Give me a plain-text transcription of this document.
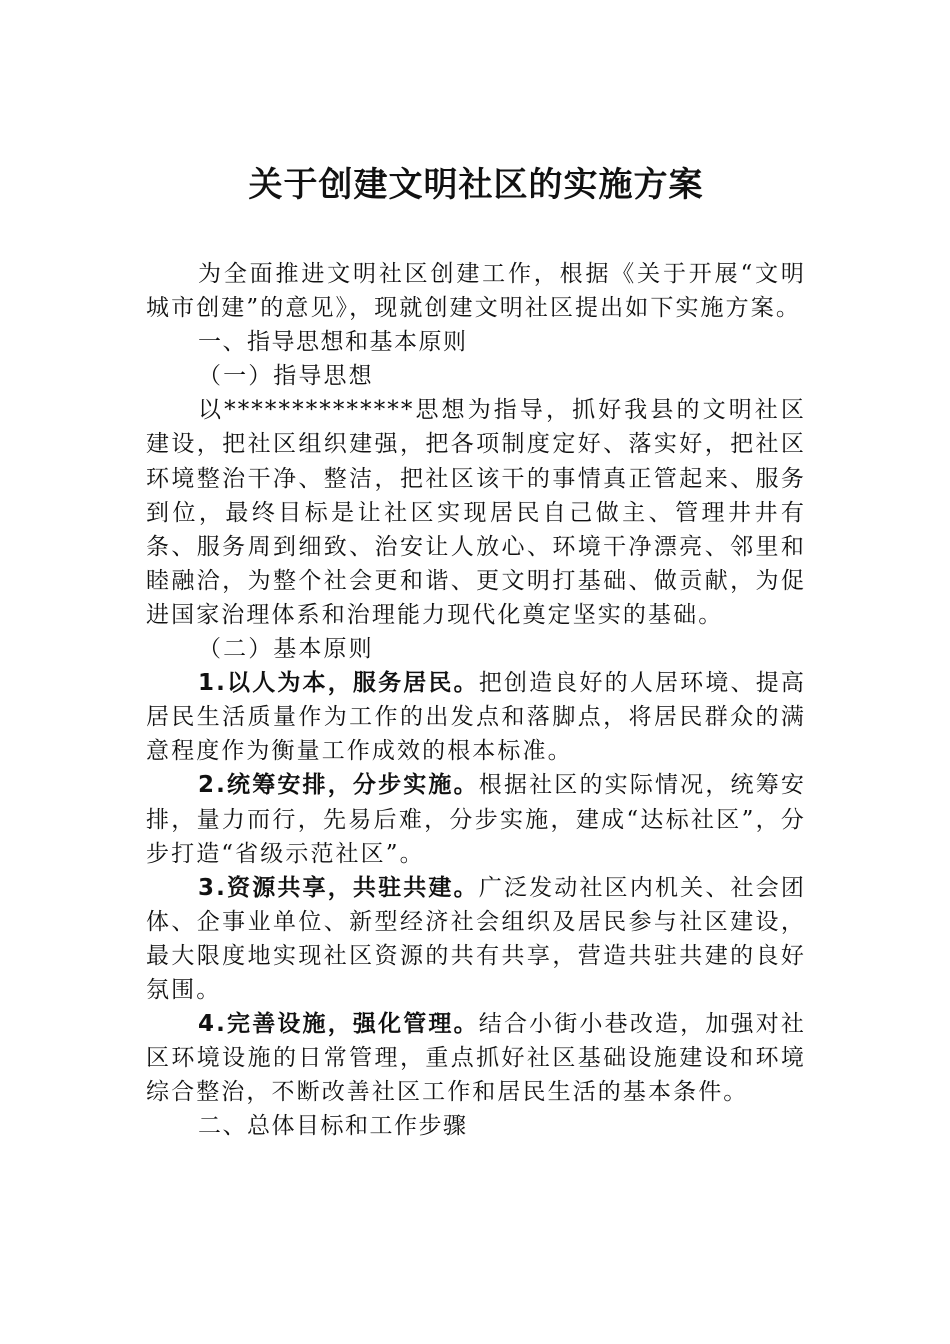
关于创建文明社区的实施方案

为全面推进文明社区创建工作，根据《关于开展“文明城市创建”的意见》，现就创建文明社区提出如下实施方案。

一、指导思想和基本原则

（一）指导思想

以**************思想为指导，抓好我县的文明社区建设，把社区组织建强，把各项制度定好、落实好，把社区环境整治干净、整洁，把社区该干的事情真正管起来、服务到位，最终目标是让社区实现居民自己做主、管理井井有条、服务周到细致、治安让人放心、环境干净漂亮、邻里和睦融洽，为整个社会更和谐、更文明打基础、做贡献，为促进国家治理体系和治理能力现代化奠定坚实的基础。

（二）基本原则

1.以人为本，服务居民。把创造良好的人居环境、提高居民生活质量作为工作的出发点和落脚点，将居民群众的满意程度作为衡量工作成效的根本标准。

2.统筹安排，分步实施。根据社区的实际情况，统筹安排，量力而行，先易后难，分步实施，建成“达标社区”，分步打造“省级示范社区”。

3.资源共享，共驻共建。广泛发动社区内机关、社会团体、企事业单位、新型经济社会组织及居民参与社区建设，最大限度地实现社区资源的共有共享，营造共驻共建的良好氛围。

4.完善设施，强化管理。结合小街小巷改造，加强对社区环境设施的日常管理，重点抓好社区基础设施建设和环境综合整治，不断改善社区工作和居民生活的基本条件。

二、总体目标和工作步骤
